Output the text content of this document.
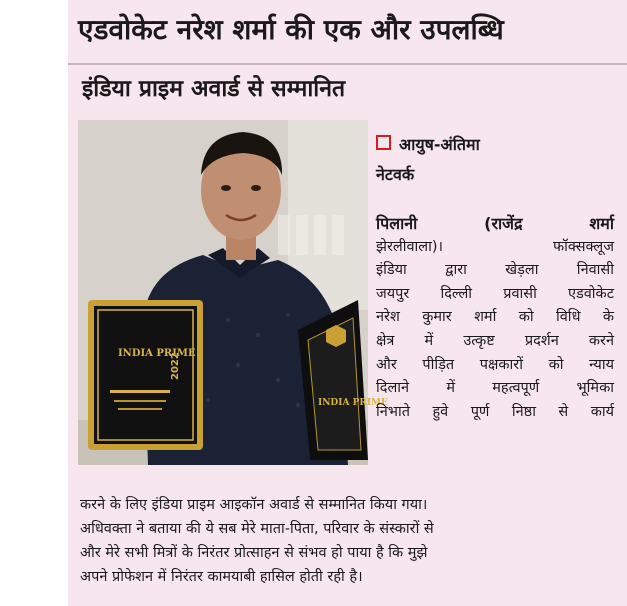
एडवोकेट नरेश शर्मा की एक और उपलब्धि
इंडिया प्राइम अवार्ड से सम्मानित
INDIA PRIME
2022
INDIA PRIME
आयुष-अंतिमा
नेटवर्क
पिलानी (राजेंद्र शर्मा
झेरलीवाला)। फॉक्सक्लूज
इंडिया द्वारा खेड़ला निवासी
जयपुर दिल्ली प्रवासी एडवोकेट
नरेश कुमार शर्मा को विधि के
क्षेत्र में उत्कृष्ट प्रदर्शन करने
और पीड़ित पक्षकारों को न्याय
दिलाने में महत्वपूर्ण भूमिका
निभाते हुवे पूर्ण निष्ठा से कार्य
करने के लिए इंडिया प्राइम आइकॉन अवार्ड से सम्मानित किया गया।
अधिवक्ता ने बताया की ये सब मेरे माता-पिता, परिवार के संस्कारों से
और मेरे सभी मित्रों के निरंतर प्रोत्साहन से संभव हो पाया है कि मुझे
अपने प्रोफेशन में निरंतर कामयाबी हासिल होती रही है।
